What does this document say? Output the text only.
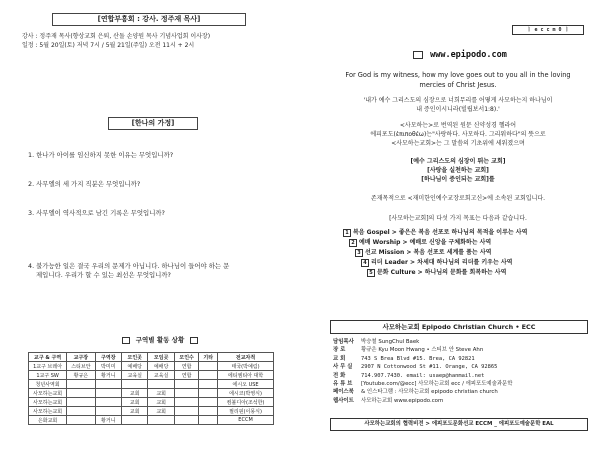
[연합부흥회 : 강사. 정주재 목사]
강사 : 정주재 목사(향상교회 은퇴, 산돌 손양원 목사 기념사업회 이사장)
일정 : 5월 20일(토) 저녁 7시 / 5월 21일(주일) 오전 11시 + 2시
[한나의 가정]
1. 한나가 아이를 임신하지 못한 이유는 무엇입니까?
2. 사무엘의 세 가지 직분은 무엇입니까?
3. 사무엘이 역사적으로 남긴 기록은 무엇입니까?
4. 불가능한 일은 결국 우리의 문제가 아닙니다. 하나님이 들어야 하는 문
제입니다. 우리가 할 수 있는 최선은 무엇입니까?
구역별 활동 상황
교구 & 구역	교구장	구역장	모인곳	모임곳	모인수	기타	전교자적
1교구 브레아	스티브안	박미미	예배당	예배당	연합		태국(박예림)
1교구 SW	황규은	황거니	교육실	교육실	연합		에티엠티아 대학
청년사역회							에시오 USE
사모하는교회			교회	교회			에시코(박영식)
사모하는교회			교회	교회			컴볼디아(조석한)
사모하는교회			교회	교회			필리핀(이몽식)
은화교회		황거니					ECCM
ㅣ e c c m 0 ㅣ
www.epipodo.com
For God is my witness, how my love goes out to you all in the loving mercies of Christ Jesus.
'내가 예수 그리스도의 심장으로 너희무리를 어떻게 사모하는지 하나님이
내 증인이시니라(빌립보서1:8).'
<사모하는>로 번역된 원문 신약성경 헬라어
에피포도(ἐπιποθέω)는"사랑하다. 사모하다. 그리워하다"의 뜻으로
<사모하는교회>는 그 말씀의 기초위에 세워졌으며
[예수 그리스도의 심장이 뛰는 교회]
[사랑을 실천하는 교회]
[하나님이 증인되는 교회]를
존재목적으로 <재미한인예수교장로회고신>에 소속된 교회입니다.
[사모하는교회]의 다섯 가지 목표는 다음과 같습니다.
1 복음 Gospel > 좋은은 복음 선포로 하나님의 목적을 이루는 사역
2 예배 Worship > 예배로 신앙을 구체화하는 사역
3 선교 Mission > 복음 선포로 세계를 품는 사역
4 리더 Leader > 차세대 하나님의 리더를 키우는 사역
5 문화 Culture > 하나님의 문화를 회복하는 사역
사모하는교회 Epipodo Christian Church • ECC
담임목사 박승철 SungChul Baek
장 로	황규은 Kyu Moon Hwang • 스티브 안 Steve Ahn
교 회	743 S Brea Blvd #15. Brea, CA 92821
사 무 실 2907 N Cottonwood St #11. Orange, CA 92865
전 화	714.907.7430. email: usaep@hanmail.net
유 튜 브 [Youtube.com/@ecc] 사모하는교회 ecc / 에피포도예술과문학
페이스북 & 인스타그램 : 사모하는교회 epipodo christian church
웹사이트 사모하는교회 www.epipodo.com
사모하는교회의 협력비전 > 에피포도문화선교 ECCM _ 에피포도예술문학 EAL
